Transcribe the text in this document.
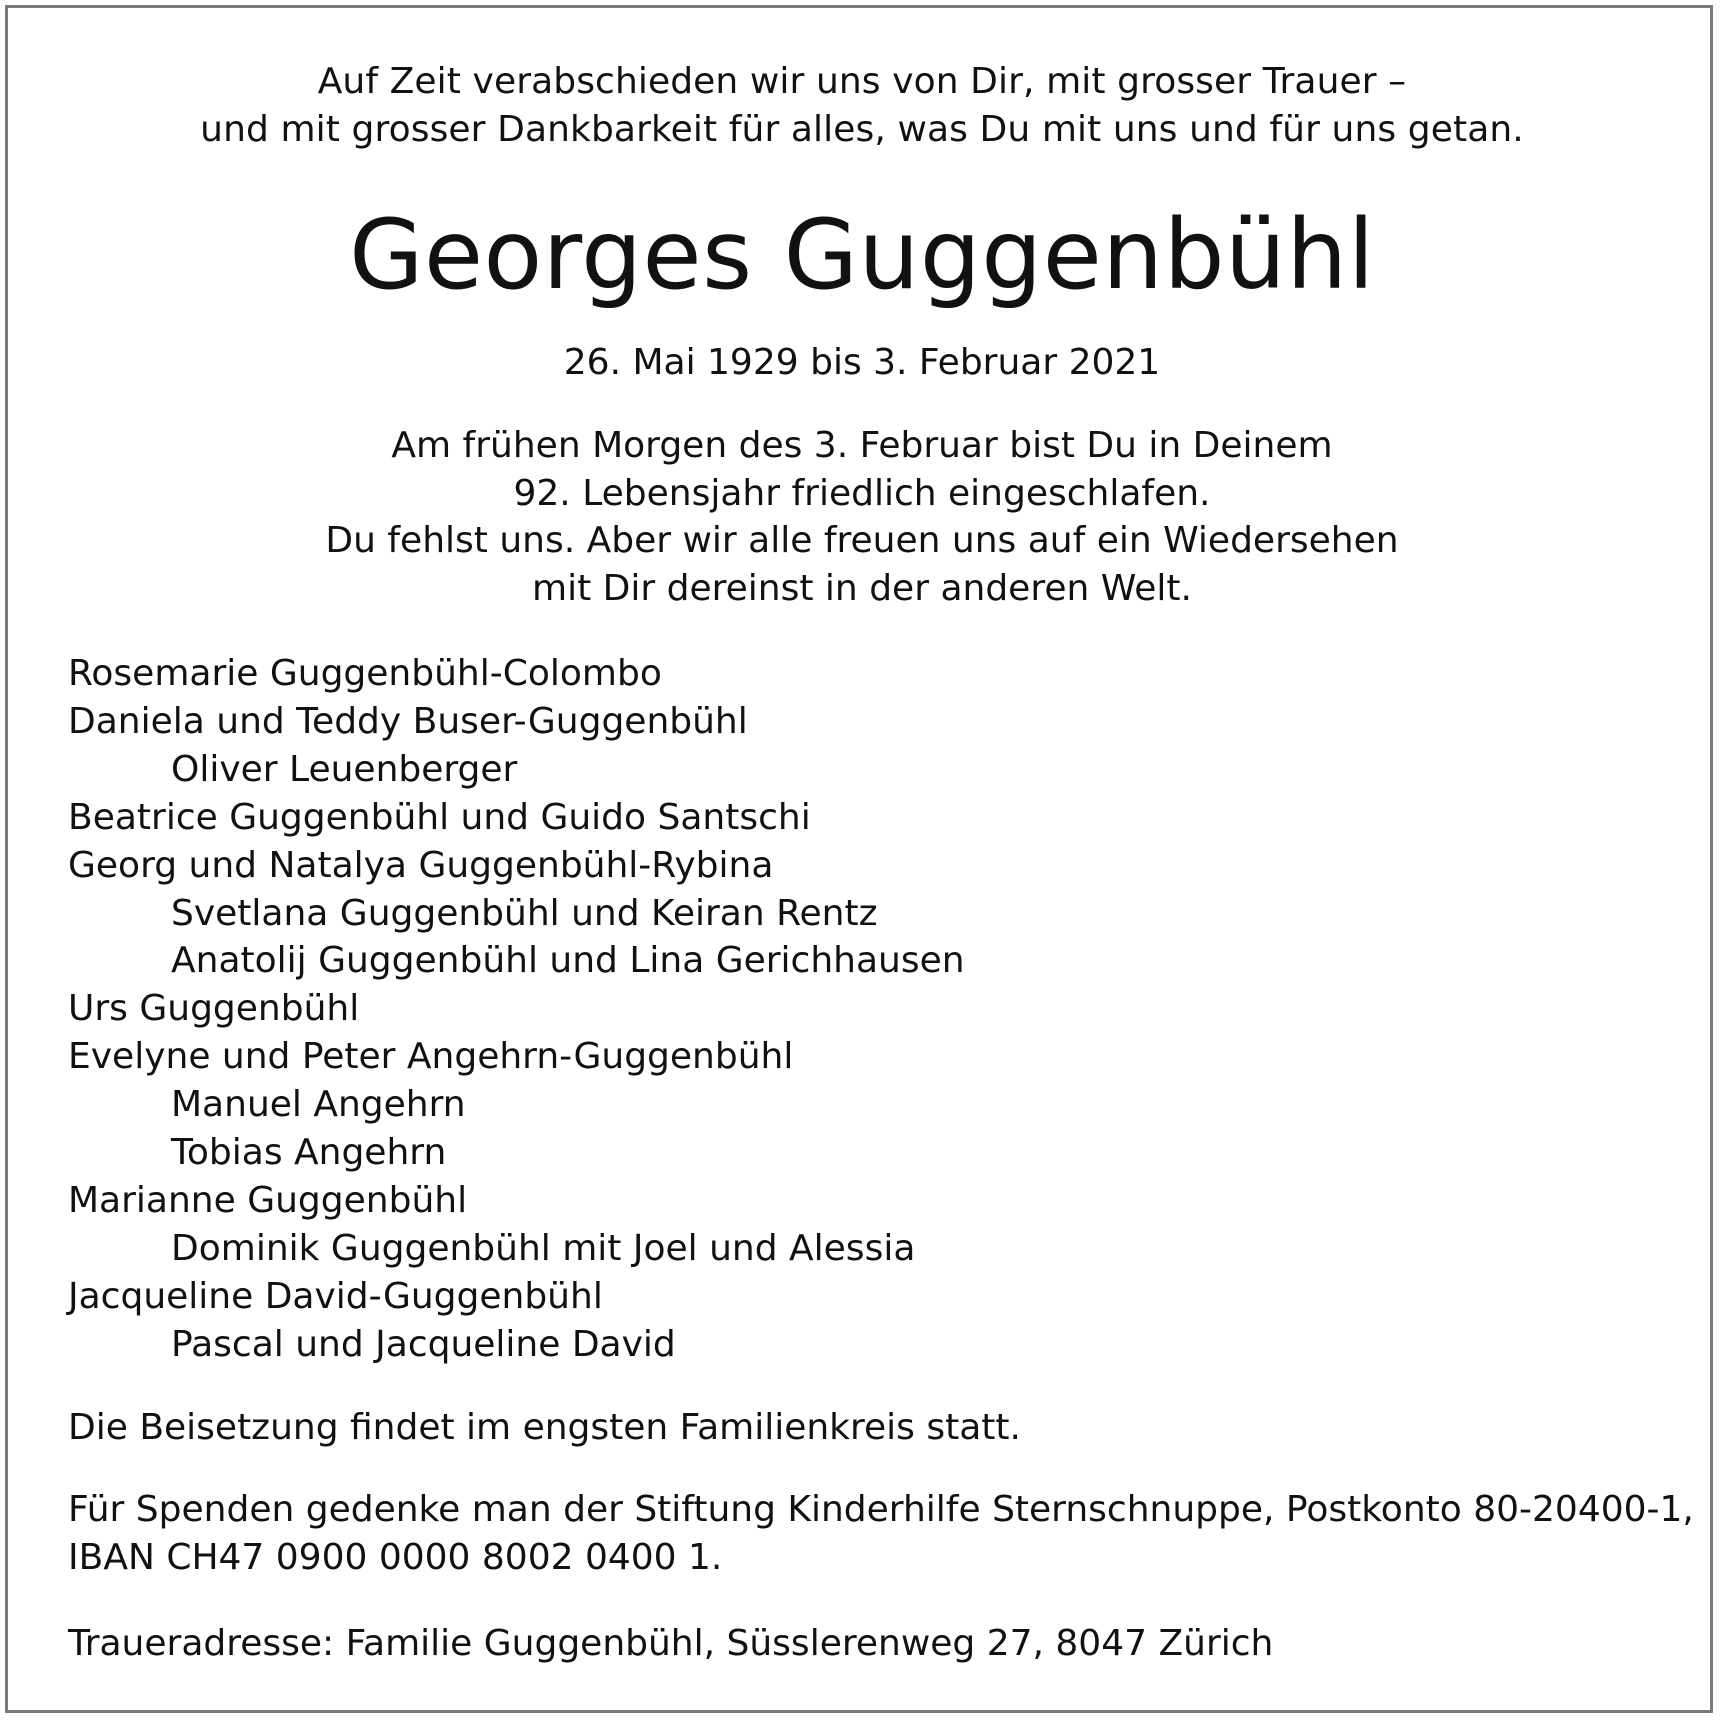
Auf Zeit verabschieden wir uns von Dir, mit grosser Trauer –
und mit grosser Dankbarkeit für alles, was Du mit uns und für uns getan.
Georges Guggenbühl
26. Mai 1929 bis 3. Februar 2021
Am frühen Morgen des 3. Februar bist Du in Deinem
92. Lebensjahr friedlich eingeschlafen.
Du fehlst uns. Aber wir alle freuen uns auf ein Wiedersehen
mit Dir dereinst in der anderen Welt.
Rosemarie Guggenbühl-Colombo
Daniela und Teddy Buser-Guggenbühl
Oliver Leuenberger
Beatrice Guggenbühl und Guido Santschi
Georg und Natalya Guggenbühl-Rybina
Svetlana Guggenbühl und Keiran Rentz
Anatolij Guggenbühl und Lina Gerichhausen
Urs Guggenbühl
Evelyne und Peter Angehrn-Guggenbühl
Manuel Angehrn
Tobias Angehrn
Marianne Guggenbühl
Dominik Guggenbühl mit Joel und Alessia
Jacqueline David-Guggenbühl
Pascal und Jacqueline David
Die Beisetzung findet im engsten Familienkreis statt.
Für Spenden gedenke man der Stiftung Kinderhilfe Sternschnuppe, Postkonto 80-20400-1,
IBAN CH47 0900 0000 8002 0400 1.
Traueradresse: Familie Guggenbühl, Süsslerenweg 27, 8047 Zürich
